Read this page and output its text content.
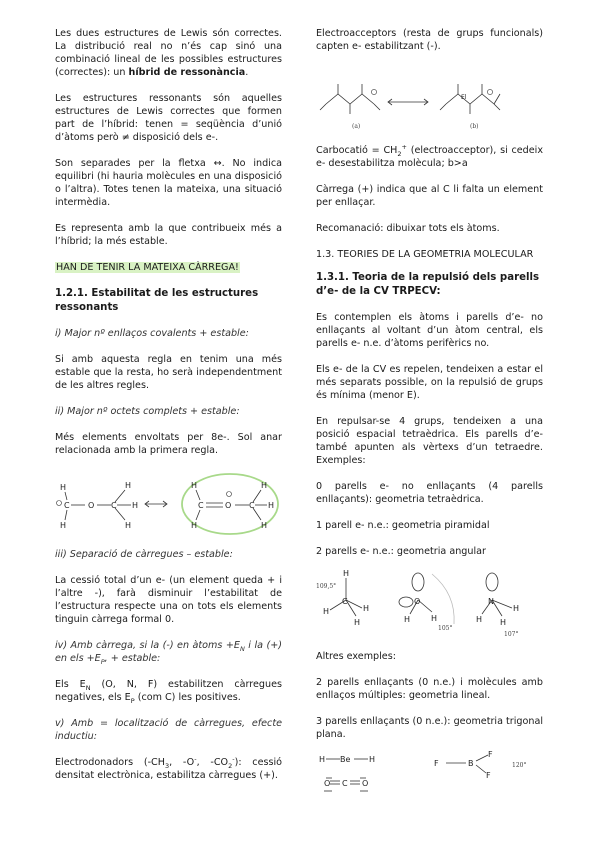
Les dues estructures de Lewis són correctes. La distribució real no n’és cap sinó una combinació lineal de les possibles estructures (correctes): un híbrid de ressonància.

Les estructures ressonants són aquelles estructures de Lewis correctes que formen part de l’híbrid: tenen = seqüència d’unió d’àtoms però ≠ disposició dels e-.

Son separades per la fletxa ↔. No indica equilibri (hi hauria molècules en una disposició o l’altra). Totes tenen la mateixa, una situació intermèdia.

Es representa amb la que contribueix més a l’híbrid; la més estable.

HAN DE TENIR LA MATEIXA CÀRREGA!

1.2.1. Estabilitat de les estructures ressonants

i) Major nº enllaços covalents + estable:

Si amb aquesta regla en tenim una més estable que la resta, ho serà independentment de les altres regles.

ii) Major nº octets complets + estable:

Més elements envoltats per 8e-. Sol anar relacionada amb la primera regla.

C O C
H
H
H
H
H	C	O C
H
H
H
H
H

iii) Separació de càrregues – estable:

La cessió total d’un e- (un element queda + i l’altre -), farà disminuir l’estabilitat de l’estructura respecte una on tots els elements tinguin càrrega formal 0.

iv) Amb càrrega, si la (-) en àtoms $+E_N$ i la (+) en els $+E_P$, + estable:

Els $E_N$ (O, N, F) estabilitzen càrregues negatives, els $E_P$ (com C) les positives.

v) Amb = localització de càrregues, efecte inductiu:

Electrodonadors ($-CH_3$, -O-, $-CO_2^-$): cessió densitat electrònica, estabilitza càrregues (+).

Electroacceptors (resta de grups funcionals) capten e- estabilitzant (-).

El
(a)	(b)

Carbocatió = $CH_2^+$ (electroacceptor), si cedeix e- desestabilitza molècula; b>a

Càrrega (+) indica que al C li falta un element per enllaçar.

Recomanació: dibuixar tots els àtoms.

1.3. TEORIES DE LA GEOMETRIA MOLECULAR

1.3.1. Teoria de la repulsió dels parells d’e- de la CV TRPECV:

Es contemplen els àtoms i parells d’e- no enllaçants al voltant d’un àtom central, els parells e- n.e. d’àtoms perifèrics no.

Els e- de la CV es repelen, tendeixen a estar el més separats possible, on la repulsió de grups és mínima (menor E).

En repulsar-se 4 grups, tendeixen a una posició espacial tetraèdrica. Els parells d’e- també apunten als vèrtexs d’un tetraedre. Exemples:

0 parells e- no enllaçants (4 parells enllaçants): geometria tetraèdrica.

1 parell e- n.e.: geometria piramidal

2 parells e- n.e.: geometria angular

C
H
H
H
H
O
H	H
N
H H
H
109,5°
105°
107°

Altres exemples:

2 parells enllaçants (0 n.e.) i molècules amb enllaços múltiples: geometria lineal.

3 parells enllaçants (0 n.e.): geometria trigonal plana.

H Be H
O C O
F	B
F
F
120°
